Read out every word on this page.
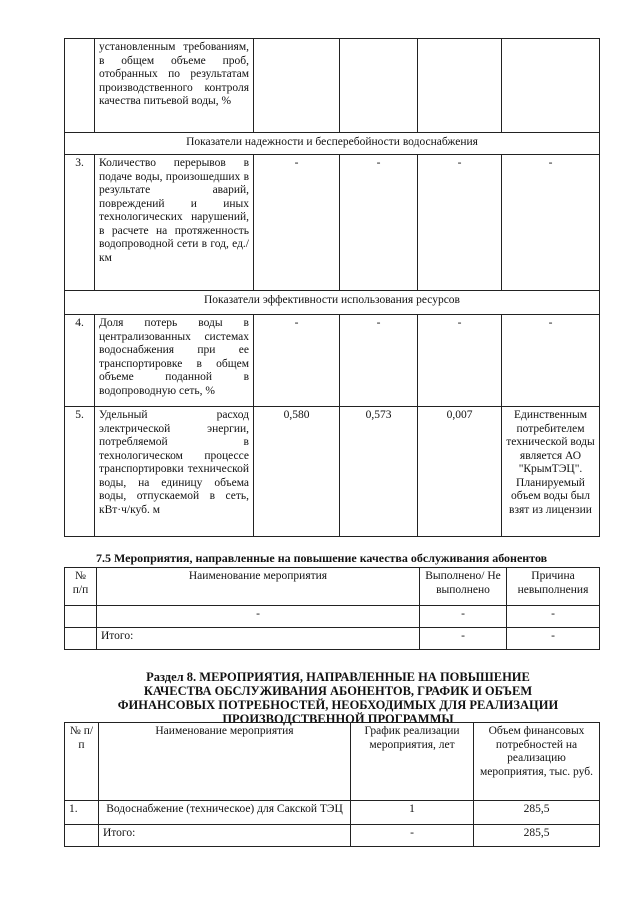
	установленным требованиям, в общем объеме проб, отобранных по результатам производственного контроля качества питьевой воды, %				
Показатели надежности и бесперебойности водоснабжения					
3.	Количество перерывов в подаче воды, произошедших в результате аварий, повреждений и иных технологических нарушений, в расчете на протяженность водопроводной сети в год, ед./км	-	-	-	-
Показатели эффективности использования ресурсов					
4.	Доля потерь воды в централизованных системах водоснабжения при ее транспортировке в общем объеме поданной в водопроводную сеть, %	-	-	-	-
5.	Удельный расход электрической энергии, потребляемой в технологическом процессе транспортировки технической воды, на единицу объема воды, отпускаемой в сеть, кВт·ч/куб. м	0,580	0,573	0,007	Единственным потребителем технической воды является АО "КрымТЭЦ". Планируемый объем воды был взят из лицензии
7.5 Мероприятия, направленные на повышение качества обслуживания абонентов
№ п/п	Наименование мероприятия	Выполнено/ Не выполнено	Причина невыполнения
	-	-	-
	Итого:	-	-
Раздел 8. МЕРОПРИЯТИЯ, НАПРАВЛЕННЫЕ НА ПОВЫШЕНИЕ КАЧЕСТВА ОБСЛУЖИВАНИЯ АБОНЕНТОВ, ГРАФИК И ОБЪЕМ ФИНАНСОВЫХ ПОТРЕБНОСТЕЙ, НЕОБХОДИМЫХ ДЛЯ РЕАЛИЗАЦИИ ПРОИЗВОДСТВЕННОЙ ПРОГРАММЫ
№ п/п	Наименование мероприятия	График реализации мероприятия, лет	Объем финансовых потребностей на реализацию мероприятия, тыс. руб.
1.	Водоснабжение (техническое) для Сакской ТЭЦ	1	285,5
	Итого:	-	285,5
